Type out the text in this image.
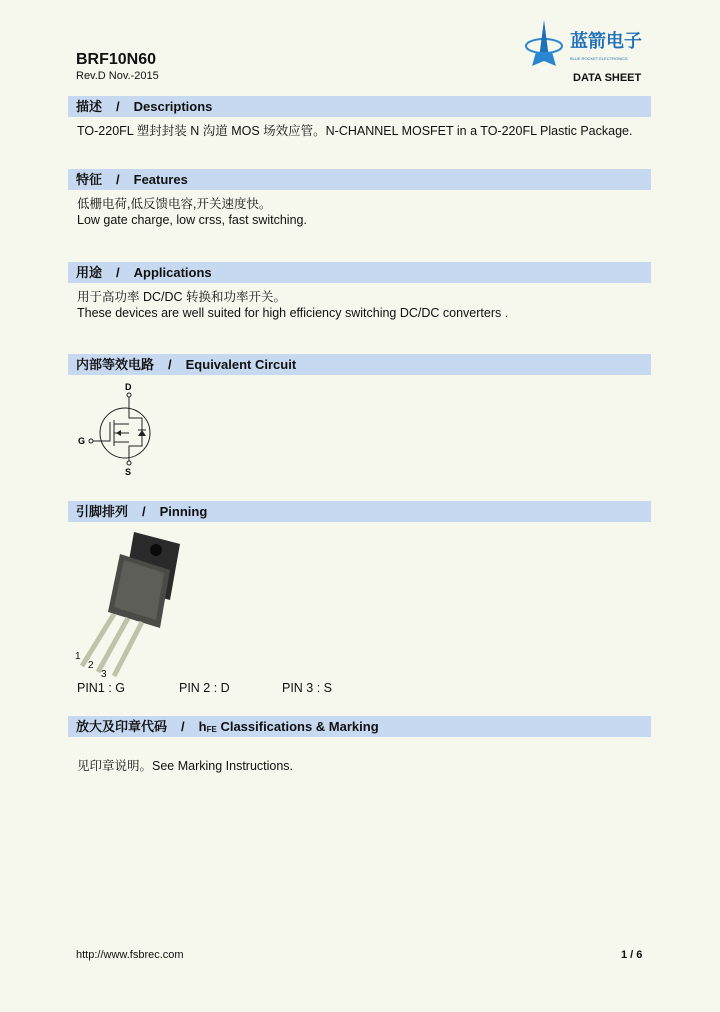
BRF10N60
Rev.D Nov.-2015
蓝箭电子
BLUE ROCKET ELECTRONICS
DATA SHEET
描述 / Descriptions
TO-220FL 塑封封装 N 沟道 MOS 场效应管。N-CHANNEL MOSFET in a TO-220FL Plastic Package.
特征 / Features
低栅电荷,低反馈电容,开关速度快。
Low gate charge, low crss, fast switching.
用途 / Applications
用于高功率 DC/DC 转换和功率开关。
These devices are well suited for high efficiency switching DC/DC converters .
内部等效电路 / Equivalent Circuit
D
G
S
引脚排列 / Pinning
1
2
3
PIN1 : G	PIN 2 : D	PIN 3 : S
放大及印章代码 / $h_{FE}$ Classifications & Marking
见印章说明。See Marking Instructions.
http://www.fsbrec.com	1 / 6
